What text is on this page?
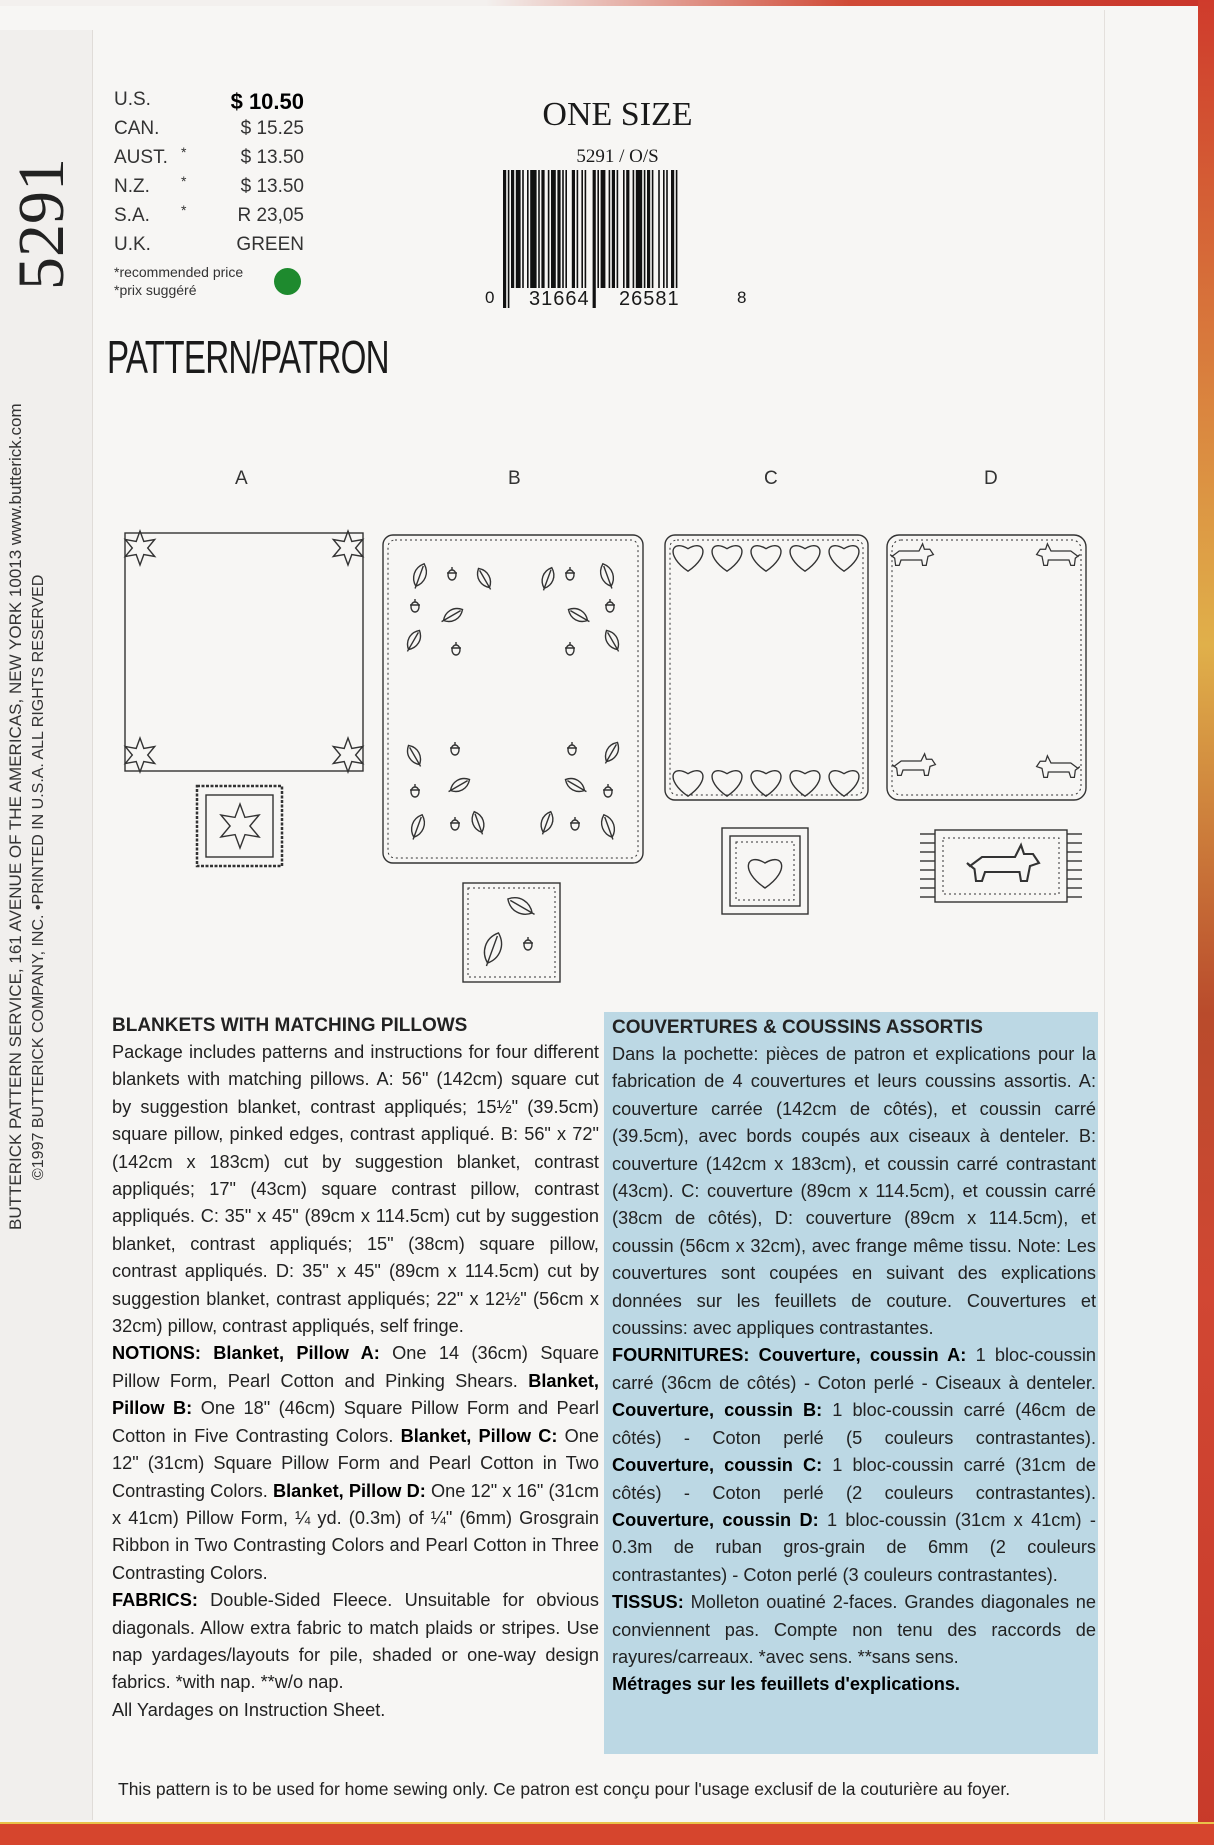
5291
BUTTERICK PATTERN SERVICE, 161 AVENUE OF THE AMERICAS, NEW YORK 10013 www.butterick.com ©1997 BUTTERICK COMPANY, INC. •PRINTED IN U.S.A. ALL RIGHTS RESERVED
U.S.	$ 10.50
CAN.	$ 15.25
AUST. *	$ 13.50
N.Z. *	$ 13.50
S.A. *	R 23,05
U.K.	GREEN
*recommended price
*prix suggéré
ONE SIZE
5291 / O/S
0 31664 26581	8
PATTERN/PATRON
A	B	C	D
BLANKETS WITH MATCHING PILLOWS

Package includes patterns and instructions for four different blankets with matching pillows. A: 56" (142cm) square cut by suggestion blanket, contrast appliqués; 15½" (39.5cm) square pillow, pinked edges, contrast appliqué. B: 56" x 72" (142cm x 183cm) cut by suggestion blanket, contrast appliqués; 17" (43cm) square contrast pillow, contrast appliqués. C: 35" x 45" (89cm x 114.5cm) cut by suggestion blanket, contrast appliqués; 15" (38cm) square pillow, contrast appliqués. D: 35" x 45" (89cm x 114.5cm) cut by suggestion blanket, contrast appliqués; 22" x 12½" (56cm x 32cm) pillow, contrast appliqués, self fringe.

NOTIONS: Blanket, Pillow A: One 14 (36cm) Square Pillow Form, Pearl Cotton and Pinking Shears. Blanket, Pillow B: One 18" (46cm) Square Pillow Form and Pearl Cotton in Five Contrasting Colors. Blanket, Pillow C: One 12" (31cm) Square Pillow Form and Pearl Cotton in Two Contrasting Colors. Blanket, Pillow D: One 12" x 16" (31cm x 41cm) Pillow Form, ¼ yd. (0.3m) of ¼" (6mm) Grosgrain Ribbon in Two Contrasting Colors and Pearl Cotton in Three Contrasting Colors.

FABRICS: Double-Sided Fleece. Unsuitable for obvious diagonals. Allow extra fabric to match plaids or stripes. Use nap yardages/layouts for pile, shaded or one-way design fabrics. *with nap. **w/o nap.

All Yardages on Instruction Sheet.

COUVERTURES & COUSSINS ASSORTIS

Dans la pochette: pièces de patron et explications pour la fabrication de 4 couvertures et leurs coussins assortis. A: couverture carrée (142cm de côtés), et coussin carré (39.5cm), avec bords coupés aux ciseaux à denteler. B: couverture (142cm x 183cm), et coussin carré contrastant (43cm). C: couverture (89cm x 114.5cm), et coussin carré (38cm de côtés), D: couverture (89cm x 114.5cm), et coussin (56cm x 32cm), avec frange même tissu. Note: Les couvertures sont coupées en suivant des explications données sur les feuillets de couture. Couvertures et coussins: avec appliques contrastantes.

FOURNITURES: Couverture, coussin A: 1 bloc-coussin carré (36cm de côtés) - Coton perlé - Ciseaux à denteler. Couverture, coussin B: 1 bloc-coussin carré (46cm de côtés) - Coton perlé (5 couleurs contrastantes). Couverture, coussin C: 1 bloc-coussin carré (31cm de côtés) - Coton perlé (2 couleurs contrastantes). Couverture, coussin D: 1 bloc-coussin (31cm x 41cm) - 0.3m de ruban gros-grain de 6mm (2 couleurs contrastantes) - Coton perlé (3 couleurs contrastantes).

TISSUS: Molleton ouatiné 2-faces. Grandes diagonales ne conviennent pas. Compte non tenu des raccords de rayures/carreaux. *avec sens. **sans sens.

Métrages sur les feuillets d'explications.

This pattern is to be used for home sewing only. Ce patron est conçu pour l'usage exclusif de la couturière au foyer.
